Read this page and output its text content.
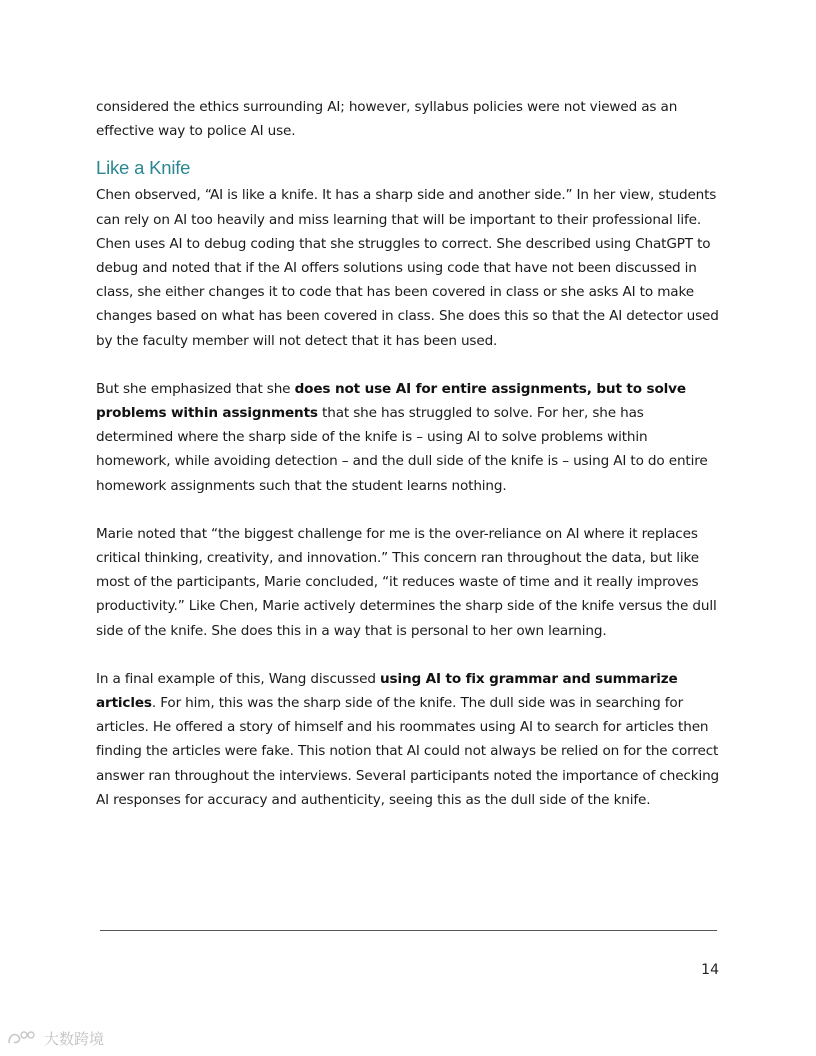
considered the ethics surrounding AI; however, syllabus policies were not viewed as an effective way to police AI use.

Like a Knife

Chen observed, “AI is like a knife. It has a sharp side and another side.” In her view, students can rely on AI too heavily and miss learning that will be important to their professional life. Chen uses AI to debug coding that she struggles to correct. She described using ChatGPT to debug and noted that if the AI offers solutions using code that have not been discussed in class, she either changes it to code that has been covered in class or she asks AI to make changes based on what has been covered in class. She does this so that the AI detector used by the faculty member will not detect that it has been used.

But she emphasized that she does not use AI for entire assignments, but to solve problems within assignments that she has struggled to solve. For her, she has determined where the sharp side of the knife is – using AI to solve problems within homework, while avoiding detection – and the dull side of the knife is – using AI to do entire homework assignments such that the student learns nothing.

Marie noted that “the biggest challenge for me is the over-reliance on AI where it replaces critical thinking, creativity, and innovation.” This concern ran throughout the data, but like most of the participants, Marie concluded, “it reduces waste of time and it really improves productivity.” Like Chen, Marie actively determines the sharp side of the knife versus the dull side of the knife. She does this in a way that is personal to her own learning.

In a final example of this, Wang discussed using AI to fix grammar and summarize articles. For him, this was the sharp side of the knife. The dull side was in searching for articles. He offered a story of himself and his roommates using AI to search for articles then finding the articles were fake. This notion that AI could not always be relied on for the correct answer ran throughout the interviews. Several participants noted the importance of checking AI responses for accuracy and authenticity, seeing this as the dull side of the knife.

14
大数跨境
